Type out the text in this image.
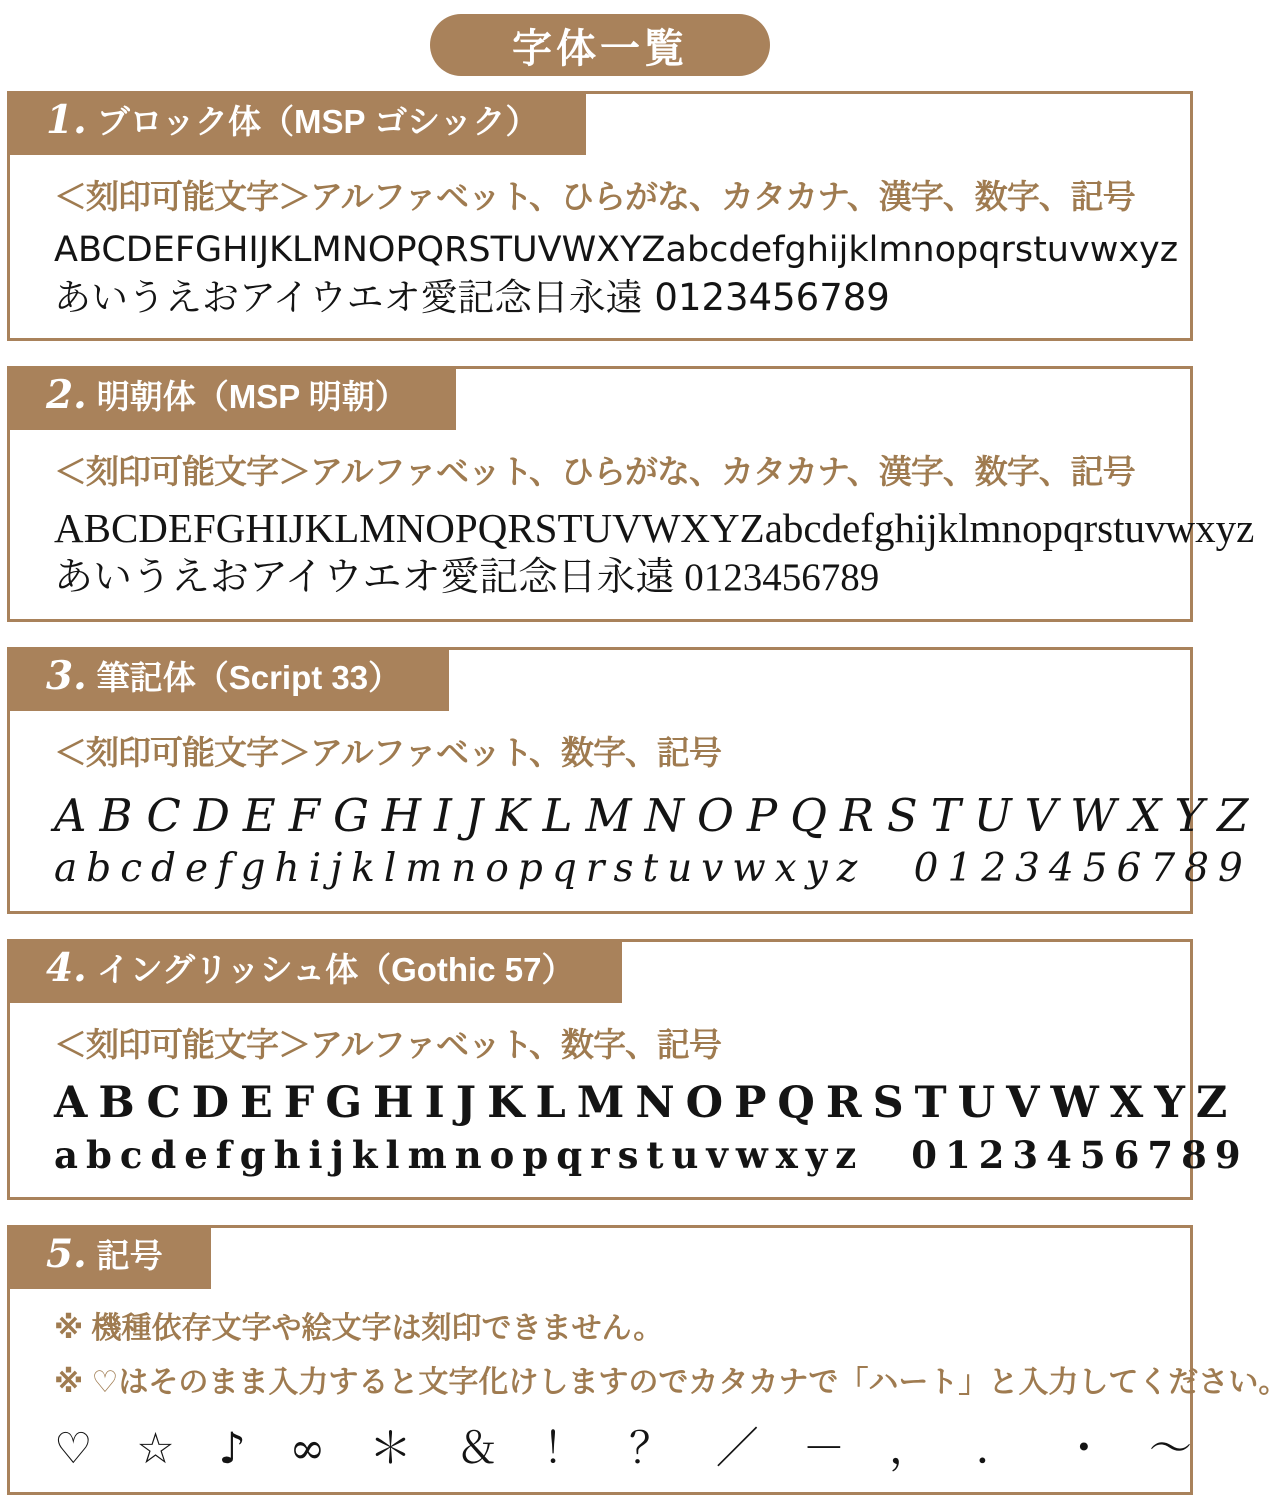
字体一覧
1. ブロック体（MSP ゴシック）
＜刻印可能文字＞アルファベット、ひらがな、カタカナ、漢字、数字、記号
ABCDEFGHIJKLMNOPQRSTUVWXYZabcdefghijklmnopqrstuvwxyz
あいうえおアイウエオ愛記念日永遠 0123456789
2. 明朝体（MSP 明朝）
＜刻印可能文字＞アルファベット、ひらがな、カタカナ、漢字、数字、記号
ABCDEFGHIJKLMNOPQRSTUVWXYZabcdefghijklmnopqrstuvwxyz
あいうえおアイウエオ愛記念日永遠 0123456789
3. 筆記体（Script 33）
＜刻印可能文字＞アルファベット、数字、記号
ABCDEFGHIJKLMNOPQRSTUVWXYZ
abcdefghijklmnopqrstuvwxyz 0123456789
4. イングリッシュ体（Gothic 57）
＜刻印可能文字＞アルファベット、数字、記号
ABCDEFGHIJKLMNOPQRSTUVWXYZ
abcdefghijklmnopqrstuvwxyz 0123456789
5. 記号
※ 機種依存文字や絵文字は刻印できません。
※ ♡はそのまま入力すると文字化けしますのでカタカナで「ハート」と入力してください。
♡ ☆ ♪ ∞ ＊ ＆ ！ ？ ／ － ， ． ・ ～
